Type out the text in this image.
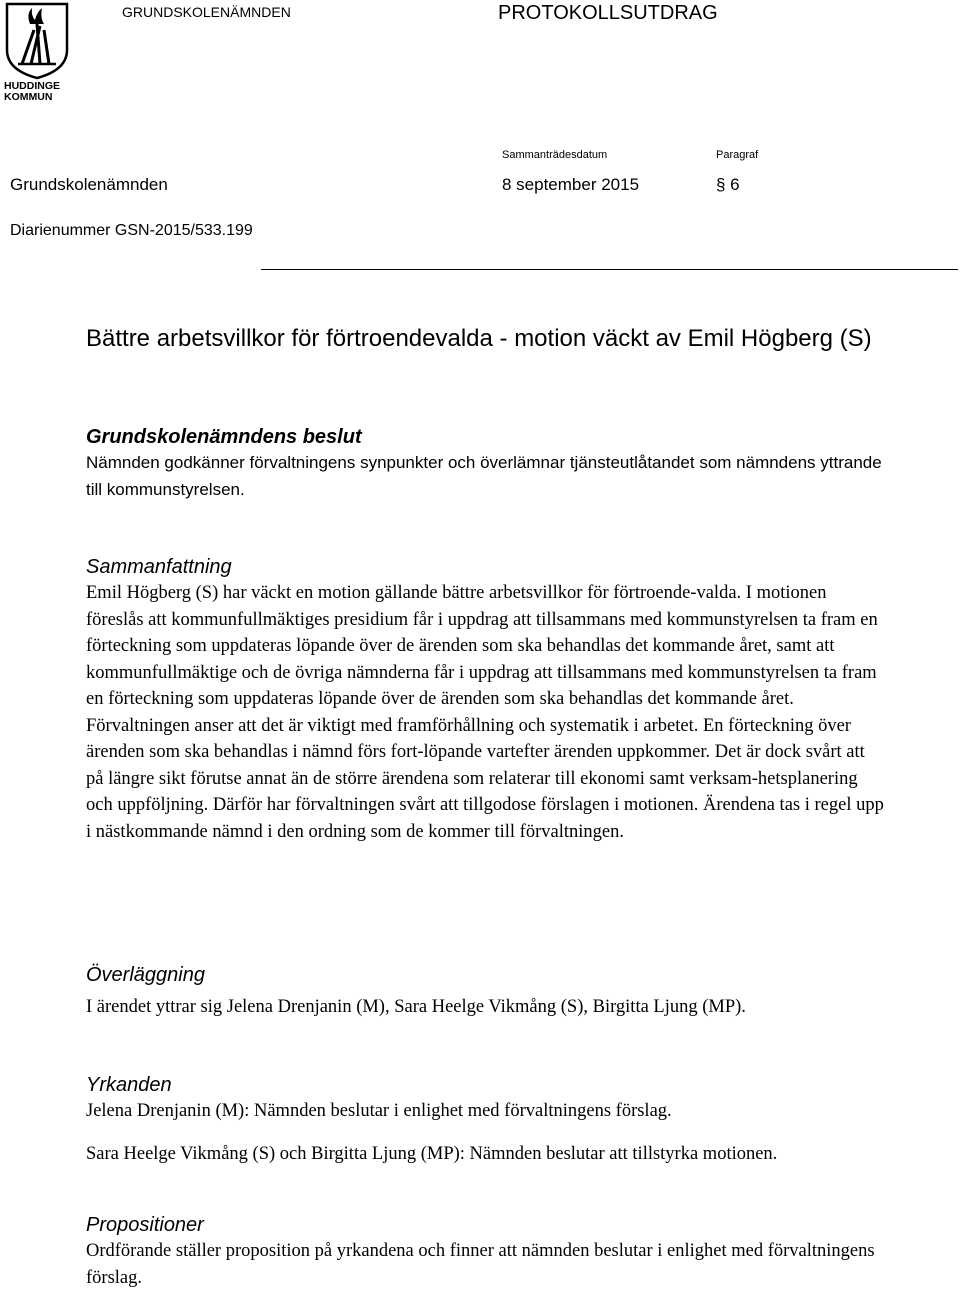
HUDDINGE
KOMMUN
GRUNDSKOLENÄMNDEN	PROTOKOLLSUTDRAG
Sammanträdesdatum	Paragraf
Grundskolenämnden	8 september 2015	§ 6
Diarienummer GSN-2015/533.199
Bättre arbetsvillkor för förtroendevalda - motion väckt av Emil Högberg (S)
Grundskolenämndens beslut

Nämnden godkänner förvaltningens synpunkter och överlämnar tjänsteutlåtandet som nämndens yttrande till kommunstyrelsen.

Sammanfattning

Emil Högberg (S) har väckt en motion gällande bättre arbetsvillkor för förtroende-valda. I motionen föreslås att kommunfullmäktiges presidium får i uppdrag att tillsammans med kommunstyrelsen ta fram en förteckning som uppdateras löpande över de ärenden som ska behandlas det kommande året, samt att kommunfullmäktige och de övriga nämnderna får i uppdrag att tillsammans med kommunstyrelsen ta fram en förteckning som uppdateras löpande över de ärenden som ska behandlas det kommande året.

Förvaltningen anser att det är viktigt med framförhållning och systematik i arbetet. En förteckning över ärenden som ska behandlas i nämnd förs fort-löpande vartefter ärenden uppkommer. Det är dock svårt att på längre sikt förutse annat än de större ärendena som relaterar till ekonomi samt verksam-hetsplanering och uppföljning. Därför har förvaltningen svårt att tillgodose förslagen i motionen. Ärendena tas i regel upp i nästkommande nämnd i den ordning som de kommer till förvaltningen.

Överläggning

I ärendet yttrar sig Jelena Drenjanin (M), Sara Heelge Vikmång (S), Birgitta Ljung (MP).

Yrkanden

Jelena Drenjanin (M): Nämnden beslutar i enlighet med förvaltningens förslag.

Sara Heelge Vikmång (S) och Birgitta Ljung (MP): Nämnden beslutar att tillstyrka motionen.

Propositioner

Ordförande ställer proposition på yrkandena och finner att nämnden beslutar i enlighet med förvaltningens förslag.
